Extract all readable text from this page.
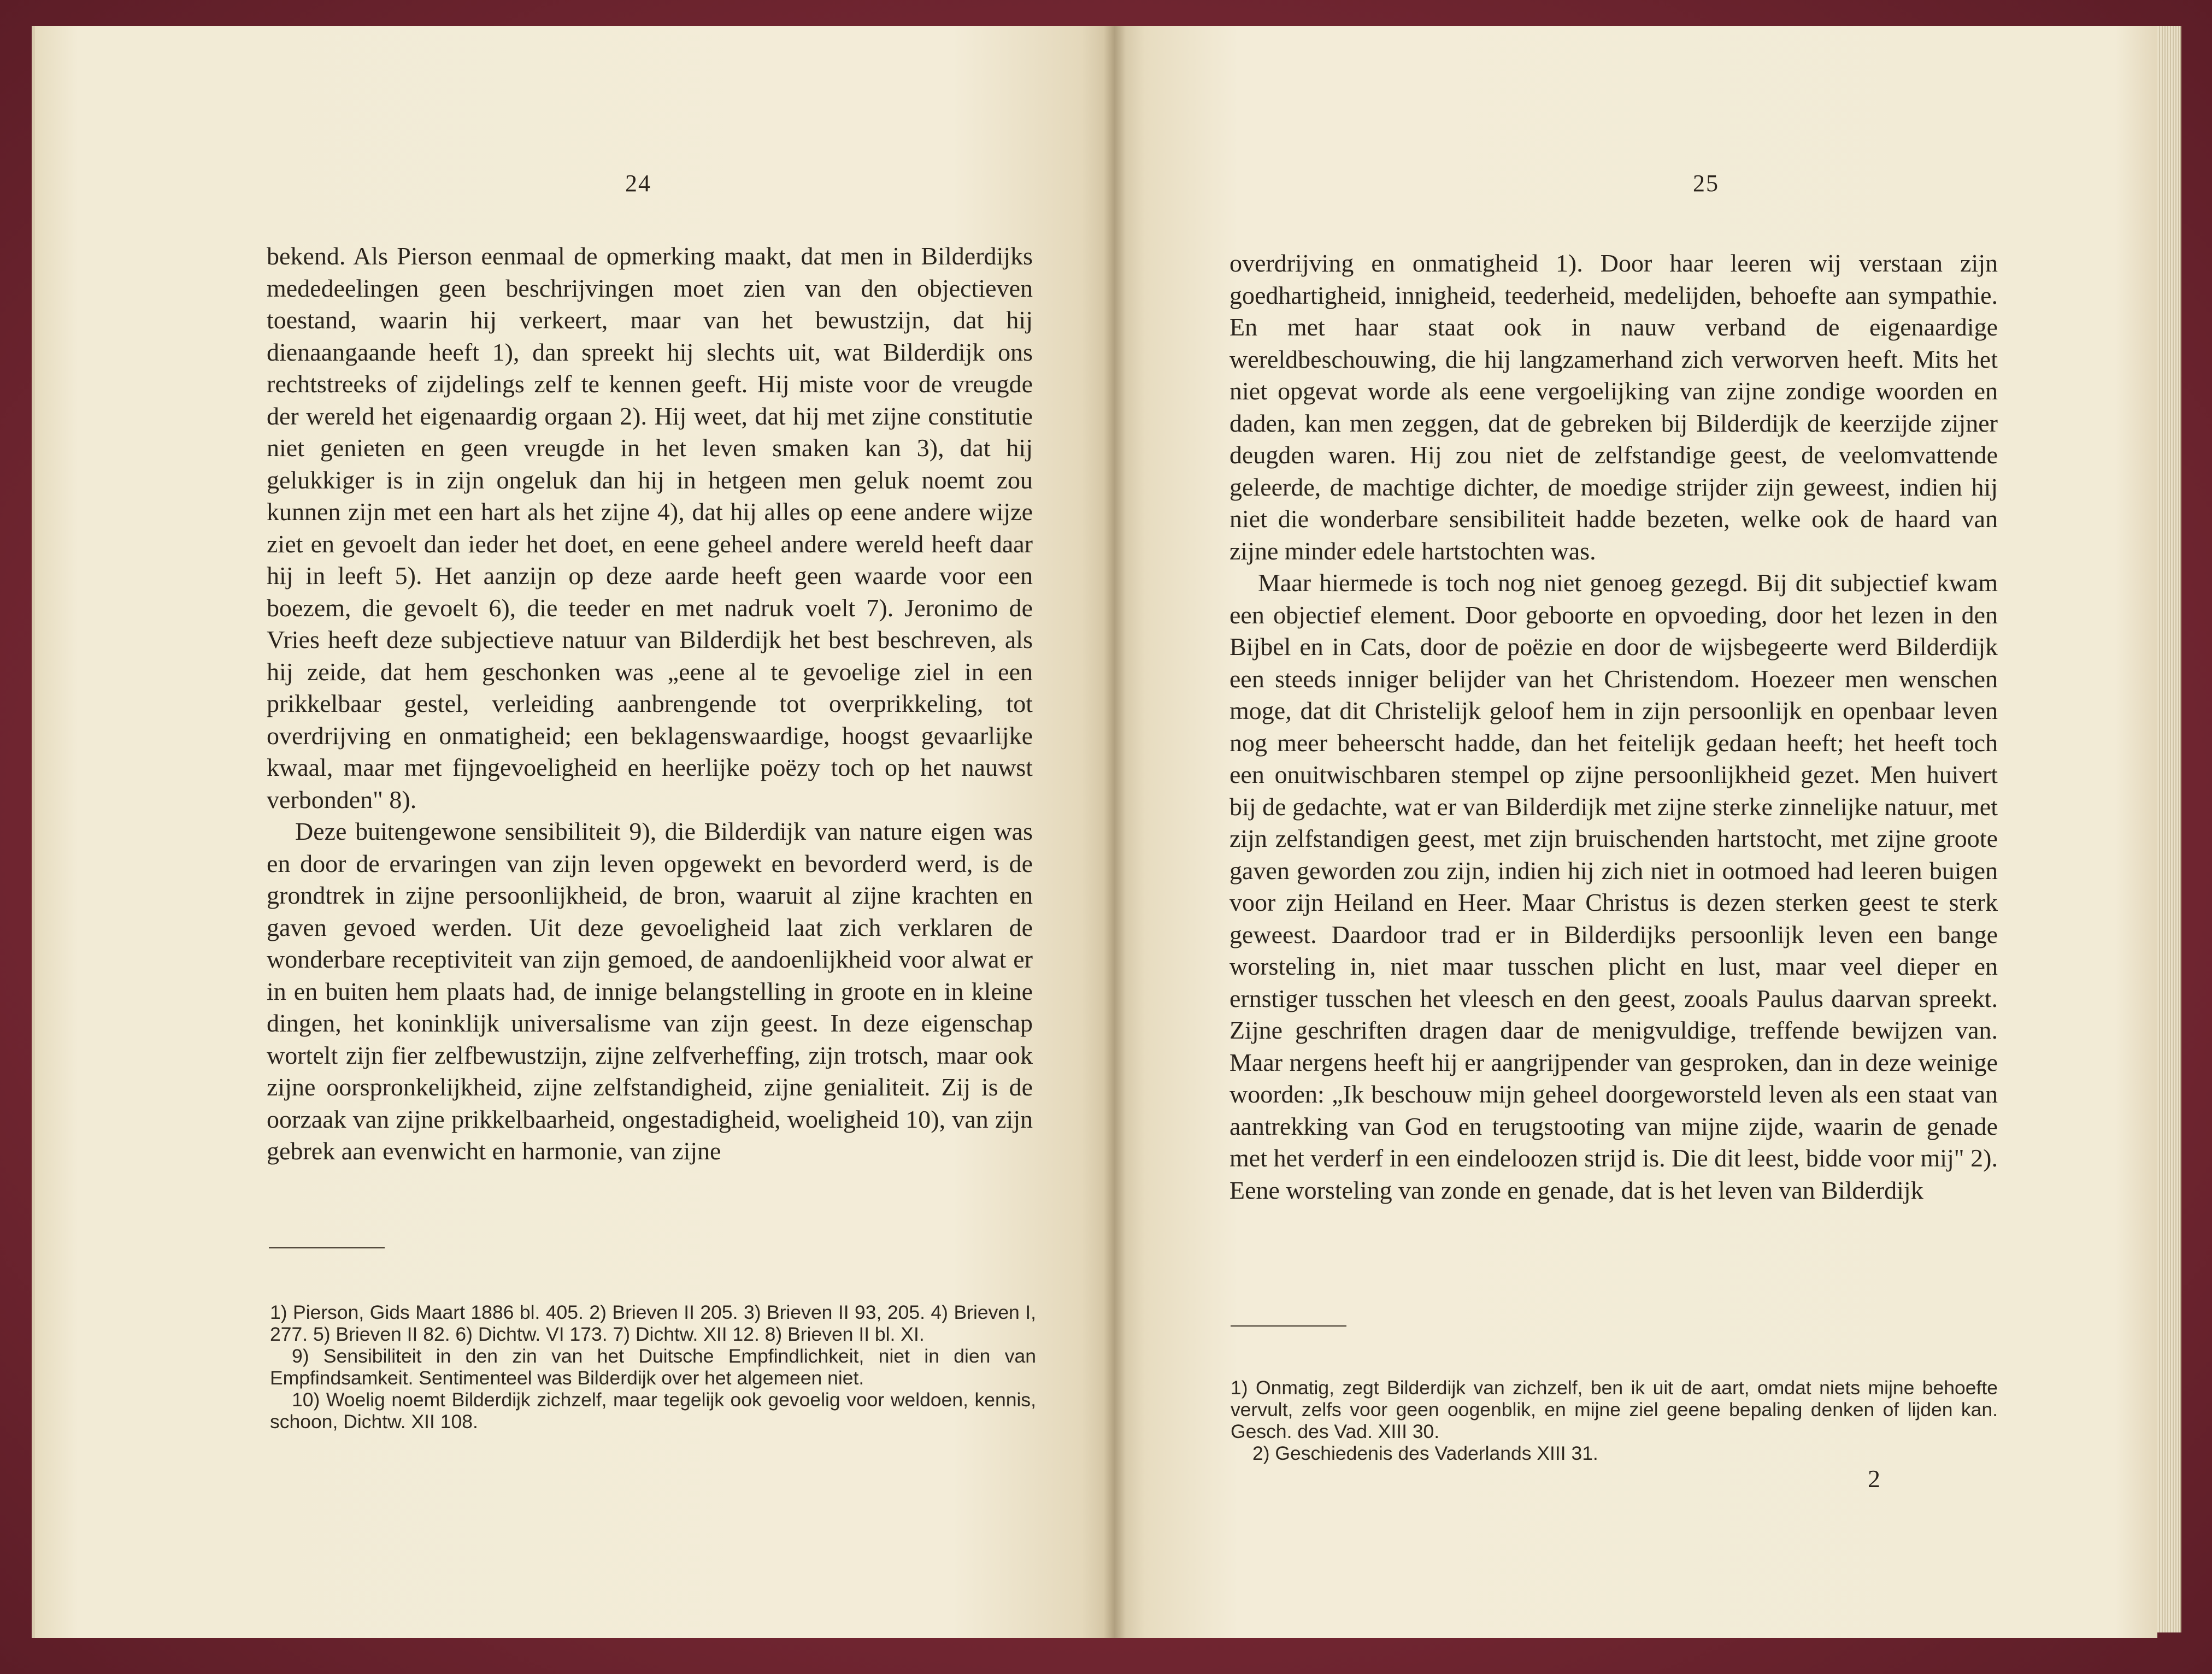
24

bekend. Als Pierson eenmaal de opmerking maakt, dat men in Bilderdijks mededeelingen geen beschrijvingen moet zien van den objectieven toestand, waarin hij verkeert, maar van het bewustzijn, dat hij dienaangaande heeft 1), dan spreekt hij slechts uit, wat Bilderdijk ons rechtstreeks of zijdelings zelf te kennen geeft. Hij miste voor de vreugde der wereld het eigenaardig orgaan 2). Hij weet, dat hij met zijne constitutie niet genieten en geen vreugde in het leven smaken kan 3), dat hij gelukkiger is in zijn ongeluk dan hij in hetgeen men geluk noemt zou kunnen zijn met een hart als het zijne 4), dat hij alles op eene andere wijze ziet en gevoelt dan ieder het doet, en eene geheel andere wereld heeft daar hij in leeft 5). Het aanzijn op deze aarde heeft geen waarde voor een boezem, die gevoelt 6), die teeder en met nadruk voelt 7). Jeronimo de Vries heeft deze subjectieve natuur van Bilderdijk het best beschreven, als hij zeide, dat hem geschonken was „eene al te gevoelige ziel in een prikkelbaar gestel, verleiding aanbrengende tot overprikkeling, tot overdrijving en onmatigheid; een beklagenswaardige, hoogst gevaarlijke kwaal, maar met fijngevoeligheid en heerlijke poëzy toch op het nauwst verbonden" 8).

Deze buitengewone sensibiliteit 9), die Bilderdijk van nature eigen was en door de ervaringen van zijn leven opgewekt en bevorderd werd, is de grondtrek in zijne persoonlijkheid, de bron, waaruit al zijne krachten en gaven gevoed werden. Uit deze gevoeligheid laat zich verklaren de wonderbare receptiviteit van zijn gemoed, de aandoenlijkheid voor alwat er in en buiten hem plaats had, de innige belangstelling in groote en in kleine dingen, het koninklijk universalisme van zijn geest. In deze eigenschap wortelt zijn fier zelfbewustzijn, zijne zelfverheffing, zijn trotsch, maar ook zijne oorspronkelijkheid, zijne zelfstandigheid, zijne genialiteit. Zij is de oorzaak van zijne prikkelbaarheid, ongestadigheid, woeligheid 10), van zijn gebrek aan evenwicht en harmonie, van zijne

1) Pierson, Gids Maart 1886 bl. 405. 2) Brieven II 205. 3) Brieven II 93, 205. 4) Brieven I, 277. 5) Brieven II 82. 6) Dichtw. VI 173. 7) Dichtw. XII 12. 8) Brieven II bl. XI.

9) Sensibiliteit in den zin van het Duitsche Empfindlichkeit, niet in dien van Empfindsamkeit. Sentimenteel was Bilderdijk over het algemeen niet.

10) Woelig noemt Bilderdijk zichzelf, maar tegelijk ook gevoelig voor weldoen, kennis, schoon, Dichtw. XII 108.

25

overdrijving en onmatigheid 1). Door haar leeren wij verstaan zijn goedhartigheid, innigheid, teederheid, medelijden, behoefte aan sympathie. En met haar staat ook in nauw verband de eigenaardige wereldbeschouwing, die hij langzamerhand zich verworven heeft. Mits het niet opgevat worde als eene vergoelijking van zijne zondige woorden en daden, kan men zeggen, dat de gebreken bij Bilderdijk de keerzijde zijner deugden waren. Hij zou niet de zelfstandige geest, de veelomvattende geleerde, de machtige dichter, de moedige strijder zijn geweest, indien hij niet die wonderbare sensibiliteit hadde bezeten, welke ook de haard van zijne minder edele hartstochten was.

Maar hiermede is toch nog niet genoeg gezegd. Bij dit subjectief kwam een objectief element. Door geboorte en opvoeding, door het lezen in den Bijbel en in Cats, door de poëzie en door de wijsbegeerte werd Bilderdijk een steeds inniger belijder van het Christendom. Hoezeer men wenschen moge, dat dit Christelijk geloof hem in zijn persoonlijk en openbaar leven nog meer beheerscht hadde, dan het feitelijk gedaan heeft; het heeft toch een onuitwischbaren stempel op zijne persoonlijkheid gezet. Men huivert bij de gedachte, wat er van Bilderdijk met zijne sterke zinnelijke natuur, met zijn zelfstandigen geest, met zijn bruischenden hartstocht, met zijne groote gaven geworden zou zijn, indien hij zich niet in ootmoed had leeren buigen voor zijn Heiland en Heer. Maar Christus is dezen sterken geest te sterk geweest. Daardoor trad er in Bilderdijks persoonlijk leven een bange worsteling in, niet maar tusschen plicht en lust, maar veel dieper en ernstiger tusschen het vleesch en den geest, zooals Paulus daarvan spreekt. Zijne geschriften dragen daar de menigvuldige, treffende bewijzen van. Maar nergens heeft hij er aangrijpender van gesproken, dan in deze weinige woorden: „Ik beschouw mijn geheel doorgeworsteld leven als een staat van aantrekking van God en terugstooting van mijne zijde, waarin de genade met het verderf in een eindeloozen strijd is. Die dit leest, bidde voor mij" 2). Eene worsteling van zonde en genade, dat is het leven van Bilderdijk

1) Onmatig, zegt Bilderdijk van zichzelf, ben ik uit de aart, omdat niets mijne behoefte vervult, zelfs voor geen oogenblik, en mijne ziel geene bepaling denken of lijden kan. Gesch. des Vad. XIII 30.

2) Geschiedenis des Vaderlands XIII 31.

2
